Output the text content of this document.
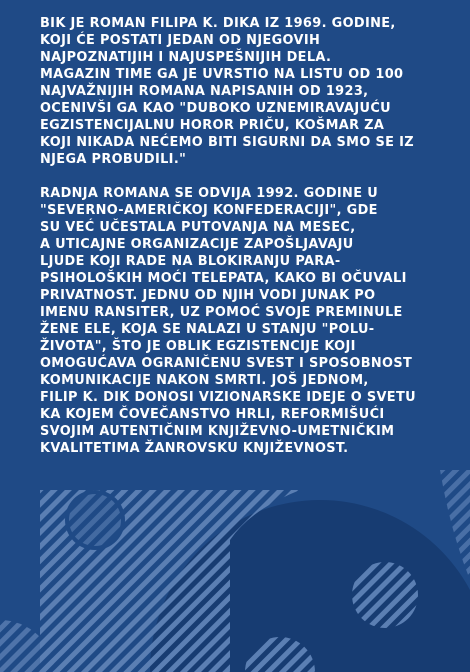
BIK JE ROMAN FILIPA K. DIKA IZ 1969. GODINE,
KOJI ĆE POSTATI JEDAN OD NJEGOVIH
NAJPOZNATIJIH I NAJUSPEŠNIJIH DELA.
MAGAZIN TIME GA JE UVRSTIO NA LISTU OD 100
NAJVAŽNIJIH ROMANA NAPISANIH OD 1923,
OCENIVŠI GA KAO "DUBOKO UZNEMIRAVAJUĆU
EGZISTENCIJALNU HOROR PRIČU, KOŠMAR ZA
KOJI NIKADA NEĆEMO BITI SIGURNI DA SMO SE IZ
NJEGA PROBUDILI."

RADNJA ROMANA SE ODVIJA 1992. GODINE U
"SEVERNO-AMERIČKOJ KONFEDERACIJI", GDE
SU VEĆ UČESTALA PUTOVANJA NA MESEC,
A UTICAJNE ORGANIZACIJE ZAPOŠLJAVAJU
LJUDE KOJI RADE NA BLOKIRANJU PARA-
PSIHOLOŠKIH MOĆI TELEPATA, KAKO BI OČUVALI
PRIVATNOST. JEDNU OD NJIH VODI JUNAK PO
IMENU RANSITER, UZ POMOĆ SVOJE PREMINULE
ŽENE ELE, KOJA SE NALAZI U STANJU "POLU-
ŽIVOTA", ŠTO JE OBLIK EGZISTENCIJE KOJI
OMOGUĆAVA OGRANIČENU SVEST I SPOSOBNOST
KOMUNIKACIJE NAKON SMRTI. JOŠ JEDNOM,
FILIP K. DIK DONOSI VIZIONARSKE IDEJE O SVETU
KA KOJEM ČOVEČANSTVO HRLI, REFORMIŠUĆI
SVOJIM AUTENTIČNIM KNJIŽEVNO-UMETNIČKIM
KVALITETIMA ŽANROVSKU KNJIŽEVNOST.
